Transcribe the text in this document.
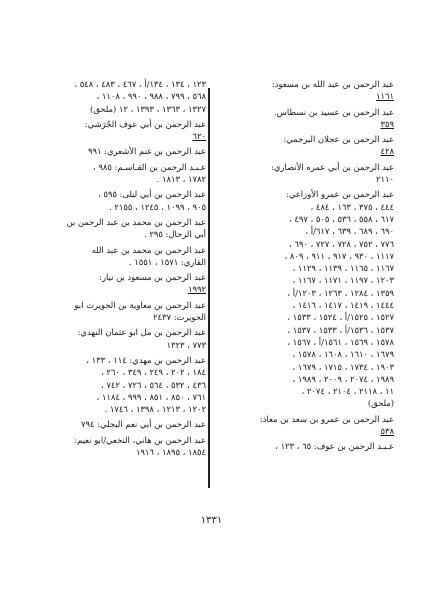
عبد الرحمن بن عبد الله بن مسعود:
١١٦١
عبد الرحمن بن عسيد بن نسطاس.
٣٥٩
عبد الرحمن بن عجلان البرجمي:
٤٢٨
عبد الرحمن بن أبي عمره الأنصاري:
٢١١٠
عبد الرحمن بن عمرو الأوزاعي:
٤٤٤ ، ٣٧٥ ، ١٦٣ ، ٤٨٤ ،
٦١٧ ، ٥٥٨ ، ٥٣٦ ، ٥٠٥ ، ٤٩٧ ،
٦٩٠ ، ٦٨٩ ، ٦٣٩ ، ٦١٧/أ ،
٧٧٦ ، ٧٥٢ ، ٧٢٨ ، ٧٢٧ ، ٦٩٠ ،
١١١٧ ، ٩٣٠ ، ٩١٧ ، ٩١١ ، ٨٠٩ ،
١١٦٧ ، ١١٦٥ ، ١١٣٩ ، ١١٢٩ ،
١٢٠٣ ، ١١٩٧ ، ١١٧١ ، ١١٦٧ ،
١٣٥٩ ، ١٢٨٤ ، ١٢٦٣ ، ١٢٠٣/أ ،
١٤٤٤ ، ١٤١٩ ، ١٤١٧ ، ١٤١٦ ،
١٥٢٧ ، ١٥٢٥/أ ، ١٥٢٤ ، ١٥٣٣ ،
١٥٣٧ ، ١٥٣٦/أ ، ١٥٣٣ ، ١٥٣٧ ،
١٥٧٨ ، ١٥٦٩ ، ١٥٦١/أ ، ١٥٦٧ ،
١٦٧٩ ، ١٦١٠ ، ١٦٠٨ ، ١٥٧٨ ،
١٩٠٣ ، ١٧٣٤ ، ١٧١٥ ، ١٦٧٩ ،
١٩٨٩ ، ٢٠٧٤ ، ٢٠٠٩ ، ١٩٨٩ ،
١١ ، ٢١١٨ ، ٢١٠٤ ، ٢٠٧٤ ،
(ملحق)
عبد الرحمن بن عمرو بن سعد بن معاذ:
٥٣٨
عـبـد الرحمن بن عوف: ٦٥ ، ١٢٣ ،
١٢٣ ، ١٣٤ ، ١٣٤/أ ، ٤٦٧ ، ٤٨٣ ، ٥٤٨ ،
٥٦٨ ، ٧٩٩ ، ٩٨٨ ، ٩٩٠ ، ١١٠٨ ،
١٣٢٧ ، ١٣٦٣ ، ١٣٩٣ ، ١٢ (ملحق)
عبد الرحمن بن أبي عوف الجُرَشي:
٦٢٠
عبد الرحمن بن غنم الأشعري: ٩٩١
عـبـد الرحمن بن القـاسـم: ٩٨٥ ،
١٧٨٢ ، ١٨١٣ .
عبد الرحمن بن أبي ليلى: ٥٩٥ ،
٩٠٥ ، ١٠٩٩ ، ١٢٤٥ ، ٢١٥٥ .
عبد الرحمن بن محمد بن عبد الرحمن بن
أبي الرحال: ٢٩٥ .
عبد الرحمن بن محمد بن عبد الله
القاري: ١٥٧١ ، ١٥٥١ .
عبد الرحمن بن مسعود بن نيار:
١٩٩٢
عبد الرحمن بن معاوية بن الحويرث ابو
الحويرث: ٢٤٣٧
عبد الرحمن بن مل ابو عثمان النهدي:
٧٧٣ ، ١٣٢٣
عبد الرحمن بن مهدي: ١١٤ ، ١٣٣ ،
١٨٤ ، ٢٠٢ ، ٢٤٩ ، ٣٤٩ ، ٢٦٠ ،
٤٣٦ ، ٥٣٢ ، ٥٦٤ ، ٧٢٦ ، ٧٤٢ ،
٧٦١ ، ٨٥٠ ، ٨٥١ ، ٩٩٩ ، ١١٨٤ ،
١٢٠٢ ، ١٢١٣ ، ١٣٩٨ ، ١٧٤٦ .
عبد الرحمن بن أبي نعم البجلي: ٧٩٤
عبد الرحمن بن هاني، النخعي/ابو نعيم:
١٨٥٤ ، ١٨٩٥ ، ١٩١٦
١٣٣١
